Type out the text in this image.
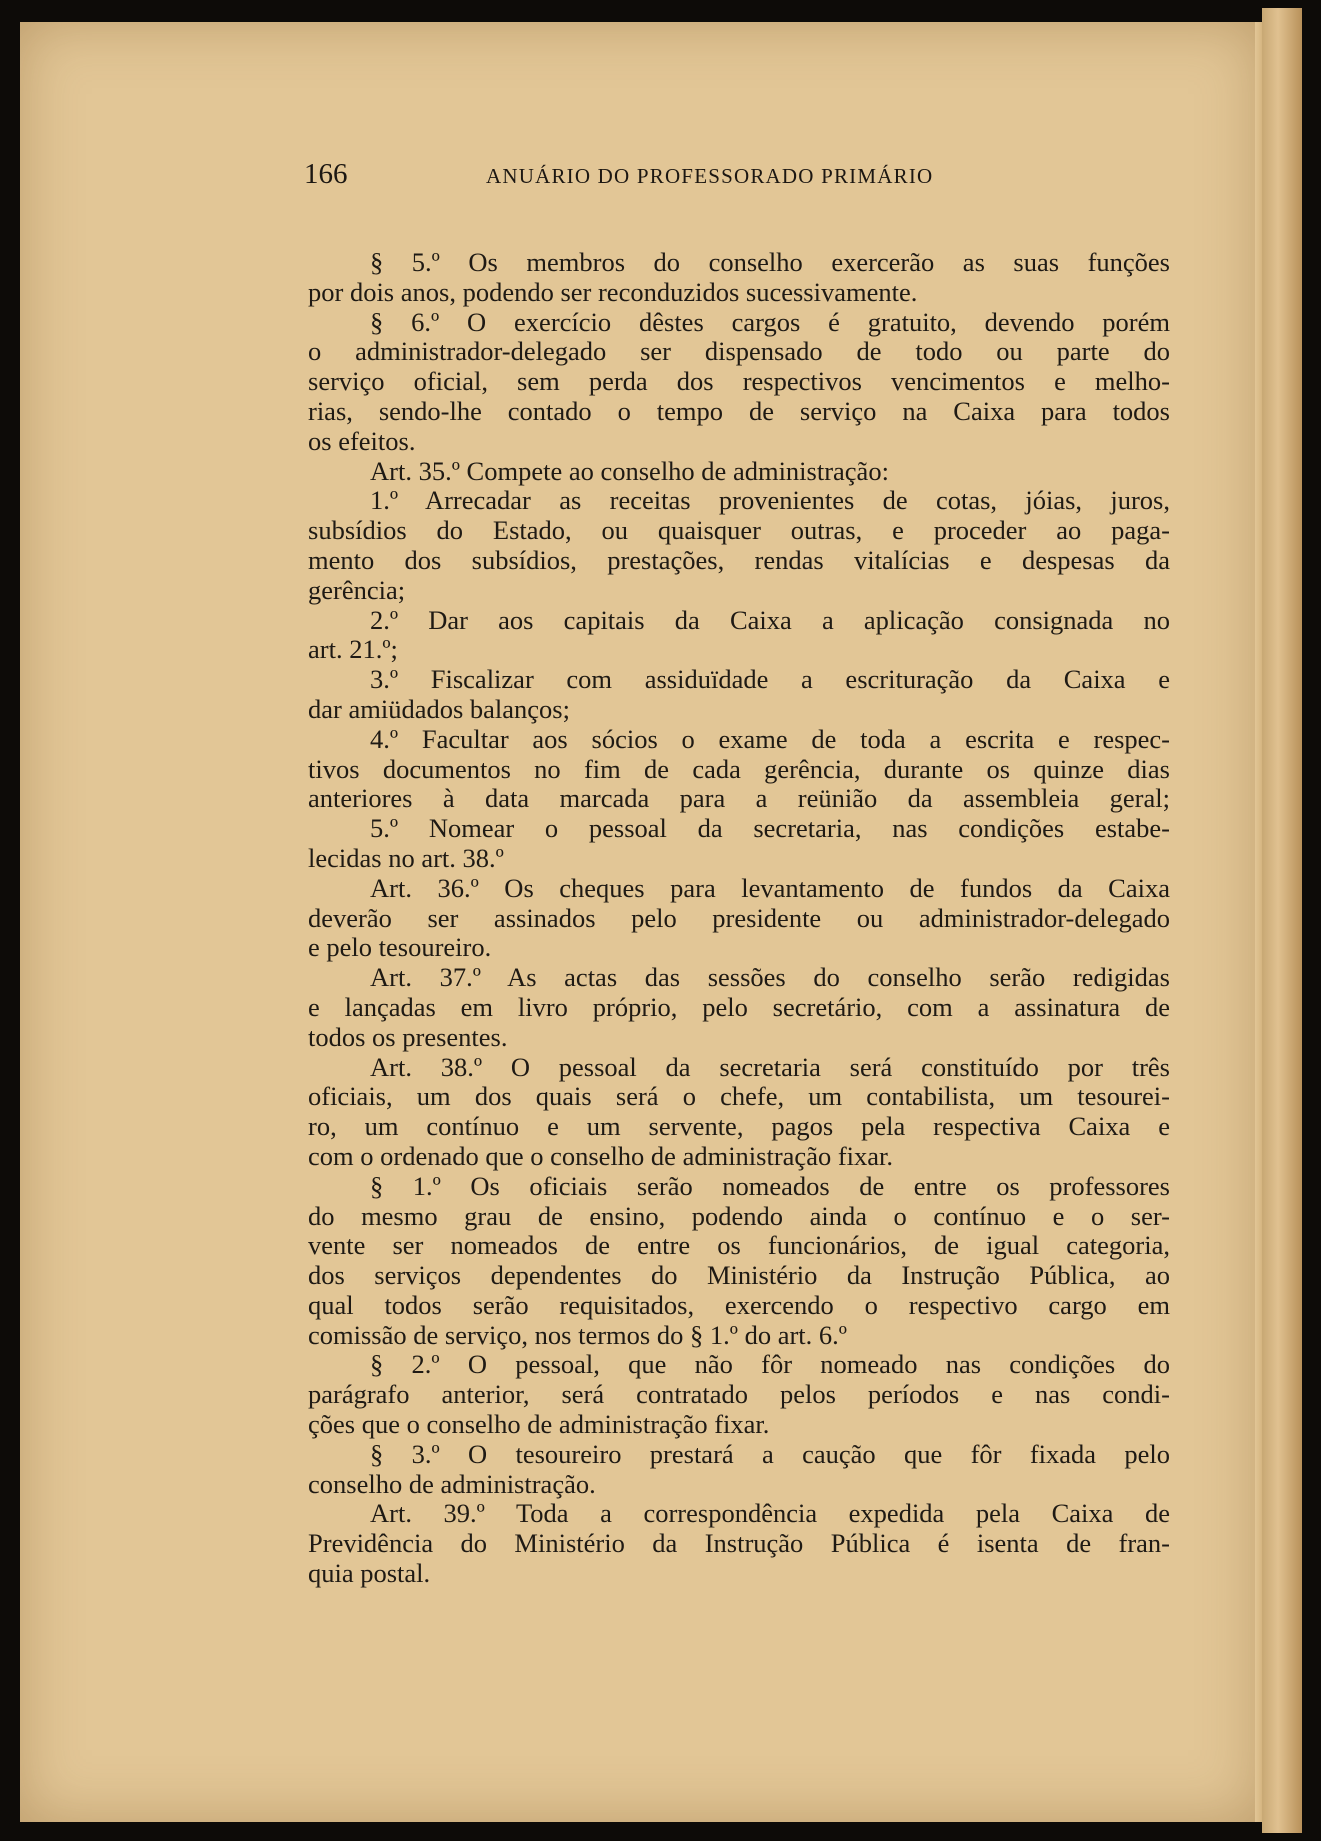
166	ANUÁRIO DO PROFESSORADO PRIMÁRIO
§ 5.º Os membros do conselho exercerão as suas funções
por dois anos, podendo ser reconduzidos sucessivamente.
§ 6.º O exercício dêstes cargos é gratuito, devendo porém
o administrador-delegado ser dispensado de todo ou parte do
serviço oficial, sem perda dos respectivos vencimentos e melho-
rias, sendo-lhe contado o tempo de serviço na Caixa para todos
os efeitos.
Art. 35.º Compete ao conselho de administração:
1.º Arrecadar as receitas provenientes de cotas, jóias, juros,
subsídios do Estado, ou quaisquer outras, e proceder ao paga-
mento dos subsídios, prestações, rendas vitalícias e despesas da
gerência;
2.º Dar aos capitais da Caixa a aplicação consignada no
art. 21.º;
3.º Fiscalizar com assiduïdade a escrituração da Caixa e
dar amiüdados balanços;
4.º Facultar aos sócios o exame de toda a escrita e respec-
tivos documentos no fim de cada gerência, durante os quinze dias
anteriores à data marcada para a reünião da assembleia geral;
5.º Nomear o pessoal da secretaria, nas condições estabe-
lecidas no art. 38.º
Art. 36.º Os cheques para levantamento de fundos da Caixa
deverão ser assinados pelo presidente ou administrador-delegado
e pelo tesoureiro.
Art. 37.º As actas das sessões do conselho serão redigidas
e lançadas em livro próprio, pelo secretário, com a assinatura de
todos os presentes.
Art. 38.º O pessoal da secretaria será constituído por três
oficiais, um dos quais será o chefe, um contabilista, um tesourei-
ro, um contínuo e um servente, pagos pela respectiva Caixa e
com o ordenado que o conselho de administração fixar.
§ 1.º Os oficiais serão nomeados de entre os professores
do mesmo grau de ensino, podendo ainda o contínuo e o ser-
vente ser nomeados de entre os funcionários, de igual categoria,
dos serviços dependentes do Ministério da Instrução Pública, ao
qual todos serão requisitados, exercendo o respectivo cargo em
comissão de serviço, nos termos do § 1.º do art. 6.º
§ 2.º O pessoal, que não fôr nomeado nas condições do
parágrafo anterior, será contratado pelos períodos e nas condi-
ções que o conselho de administração fixar.
§ 3.º O tesoureiro prestará a caução que fôr fixada pelo
conselho de administração.
Art. 39.º Toda a correspondência expedida pela Caixa de
Previdência do Ministério da Instrução Pública é isenta de fran-
quia postal.
